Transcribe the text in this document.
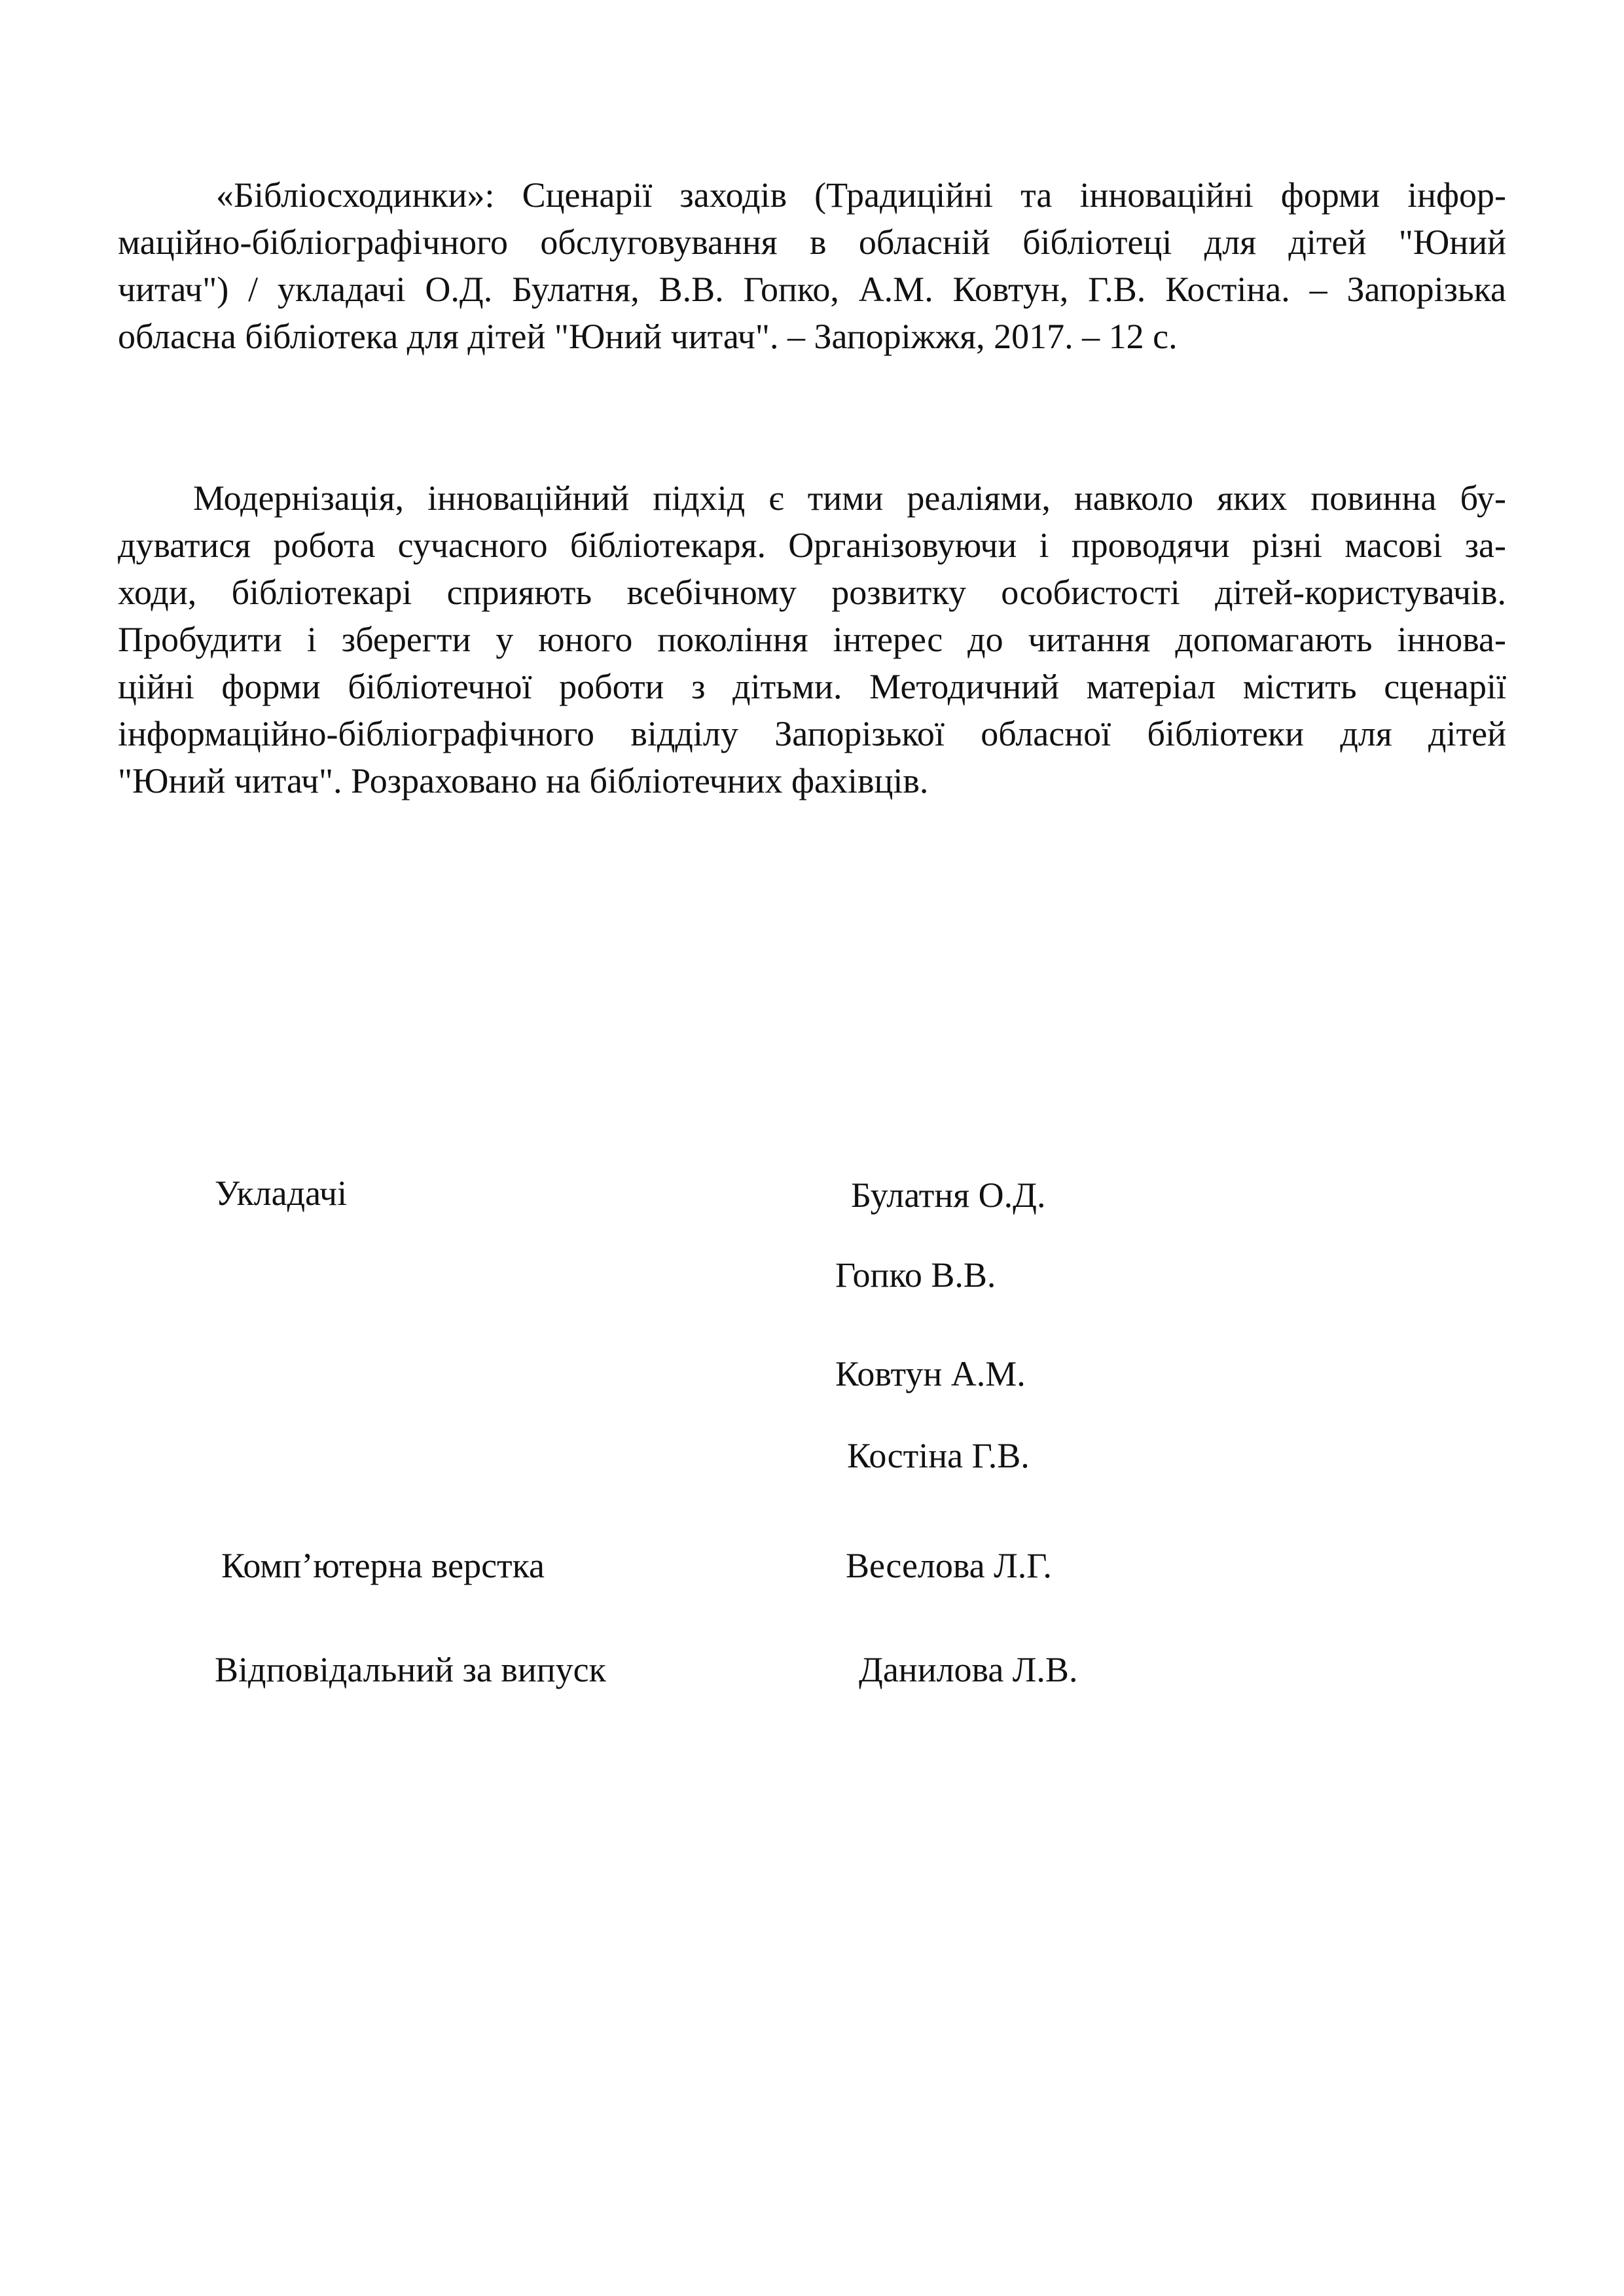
«Бібліосходинки»: Сценарії заходів (Традиційні та інноваційні форми інфор-
маційно-бібліографічного обслуговування в обласній бібліотеці для дітей "Юний
читач") / укладачі О.Д. Булатня, В.В. Гопко, А.М. Ковтун, Г.В. Костіна. – Запорізька
обласна бібліотека для дітей "Юний читач". – Запоріжжя, 2017. – 12 с.
Модернізація, інноваційний підхід є тими реаліями, навколо яких повинна бу-
дуватися робота сучасного бібліотекаря. Організовуючи і проводячи різні масові за-
ходи, бібліотекарі сприяють всебічному розвитку особистості дітей-користувачів.
Пробудити і зберегти у юного покоління інтерес до читання допомагають іннова-
ційні форми бібліотечної роботи з дітьми. Методичний матеріал містить сценарії
інформаційно-бібліографічного відділу Запорізької обласної бібліотеки для дітей
"Юний читач". Розраховано на бібліотечних фахівців.
Укладачі	Булатня О.Д.
Гопко В.В.
Ковтун А.М.
Костіна Г.В.
Комп’ютерна верстка	Веселова Л.Г.
Відповідальний за випуск	Данилова Л.В.
